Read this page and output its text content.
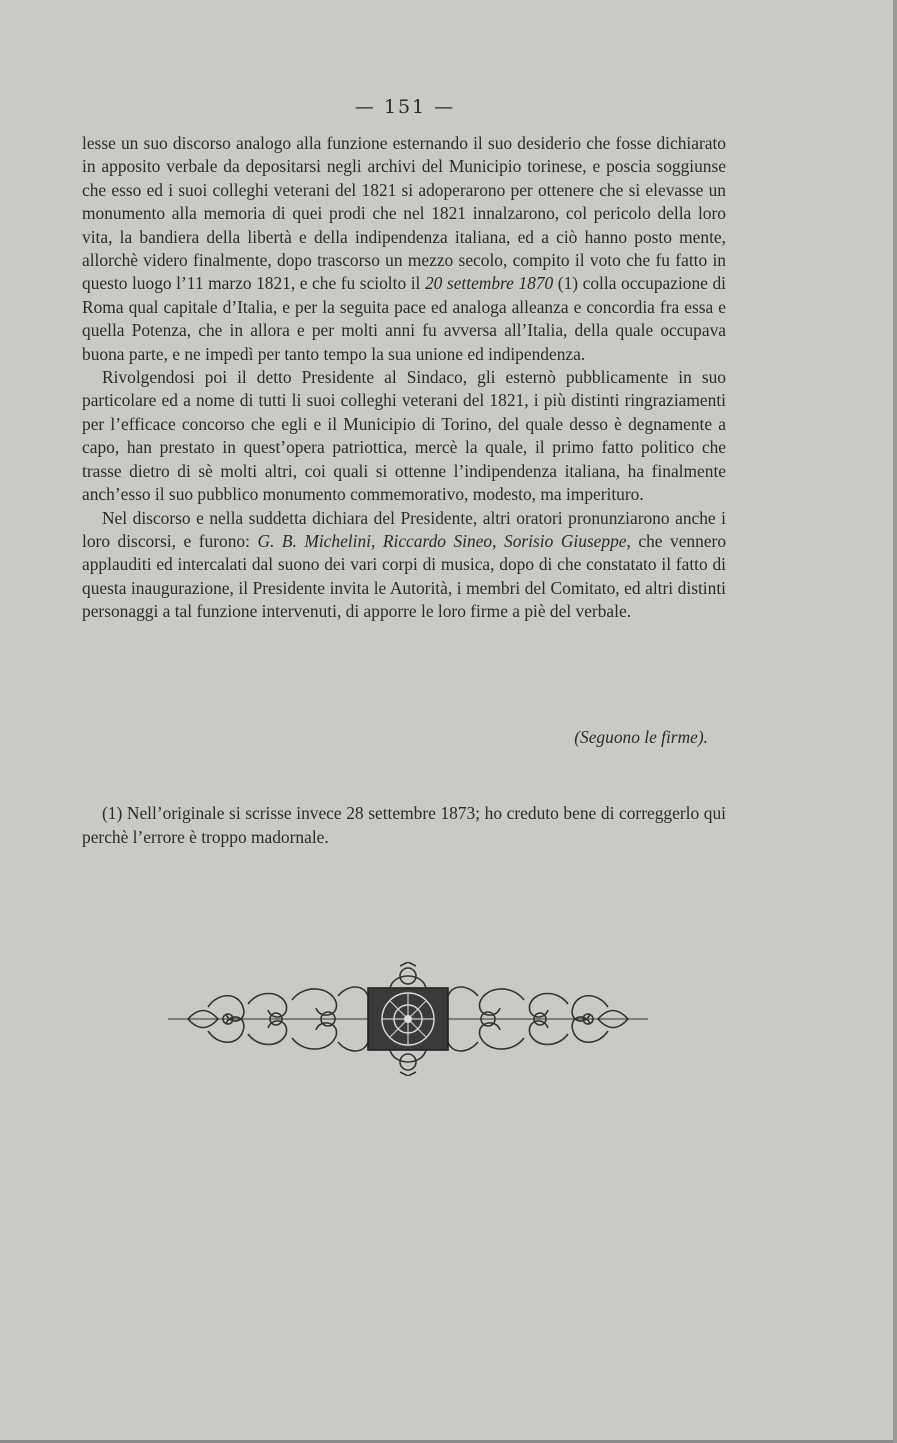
— 151 —

lesse un suo discorso analogo alla funzione esternando il suo desiderio che fosse dichiarato in apposito verbale da depositarsi negli archivi del Municipio torinese, e poscia soggiunse che esso ed i suoi colleghi veterani del 1821 si adoperarono per ottenere che si elevasse un monumento alla memoria di quei prodi che nel 1821 innalzarono, col pericolo della loro vita, la bandiera della libertà e della indipendenza italiana, ed a ciò hanno posto mente, allorchè videro finalmente, dopo trascorso un mezzo secolo, compito il voto che fu fatto in questo luogo l’11 marzo 1821, e che fu sciolto il 20 settembre 1870 (1) colla occupazione di Roma qual capitale d’Italia, e per la seguita pace ed analoga alleanza e concordia fra essa e quella Potenza, che in allora e per molti anni fu avversa all’Italia, della quale occupava buona parte, e ne impedì per tanto tempo la sua unione ed indipendenza.

Rivolgendosi poi il detto Presidente al Sindaco, gli esternò pubblicamente in suo particolare ed a nome di tutti li suoi colleghi veterani del 1821, i più distinti ringraziamenti per l’efficace concorso che egli e il Municipio di Torino, del quale desso è degnamente a capo, han prestato in quest’opera patriottica, mercè la quale, il primo fatto politico che trasse dietro di sè molti altri, coi quali si ottenne l’indipendenza italiana, ha finalmente anch’esso il suo pubblico monumento commemorativo, modesto, ma imperituro.

Nel discorso e nella suddetta dichiara del Presidente, altri oratori pronunziarono anche i loro discorsi, e furono: G. B. Michelini, Riccardo Sineo, Sorisio Giuseppe, che vennero applauditi ed intercalati dal suono dei vari corpi di musica, dopo di che constatato il fatto di questa inaugurazione, il Presidente invita le Autorità, i membri del Comitato, ed altri distinti personaggi a tal funzione intervenuti, di apporre le loro firme a piè del verbale.

(Seguono le firme).
(1) Nell’originale si scrisse invece 28 settembre 1873; ho creduto bene di correggerlo qui perchè l’errore è troppo madornale.
